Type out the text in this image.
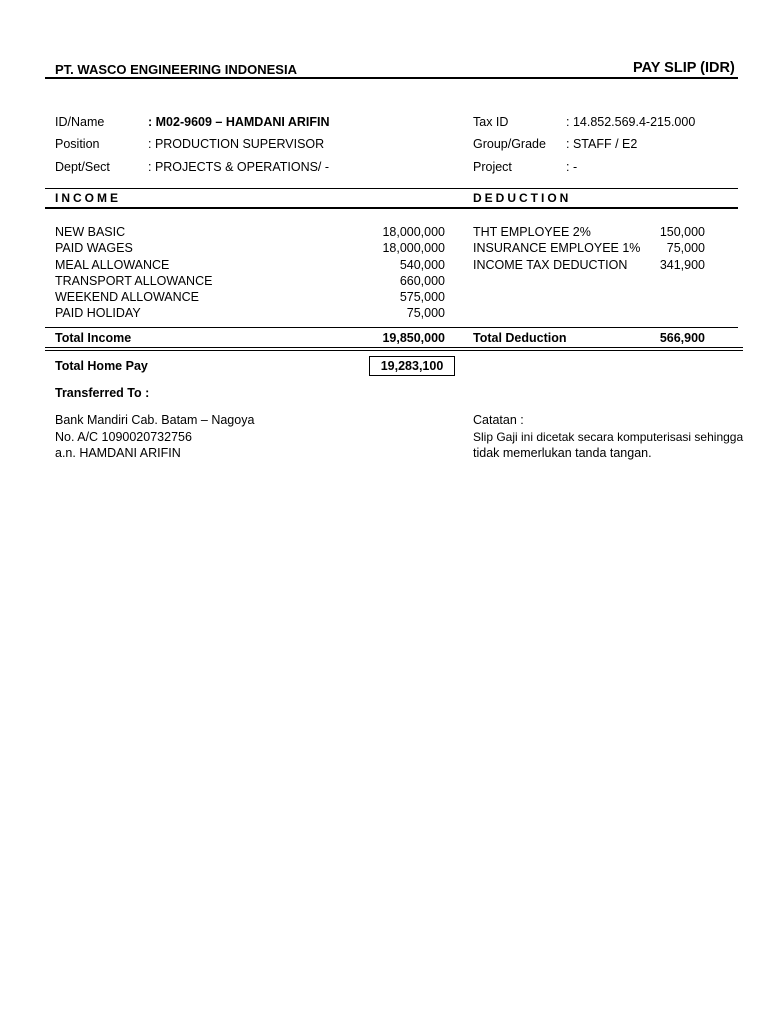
PT. WASCO ENGINEERING INDONESIA	PAY SLIP (IDR)
ID/Name	: M02-9609 – HAMDANI ARIFIN
Position	: PRODUCTION SUPERVISOR
Dept/Sect	: PROJECTS & OPERATIONS/ -
Tax ID	: 14.852.569.4-215.000
Group/Grade : STAFF / E2
Project	: -
INCOME	DEDUCTION
NEW BASIC	18,000,000
PAID WAGES	18,000,000
MEAL ALLOWANCE	540,000
TRANSPORT ALLOWANCE	660,000
WEEKEND ALLOWANCE	575,000
PAID HOLIDAY	75,000
THT EMPLOYEE 2%	150,000
INSURANCE EMPLOYEE 1%	75,000
INCOME TAX DEDUCTION	341,900
Total Income	19,850,000 Total Deduction	566,900
Total Home Pay	19,283,100
Transferred To :
Bank Mandiri Cab. Batam – Nagoya
No. A/C 1090020732756
a.n. HAMDANI ARIFIN
Catatan :
Slip Gaji ini dicetak secara komputerisasi sehingga
tidak memerlukan tanda tangan.
